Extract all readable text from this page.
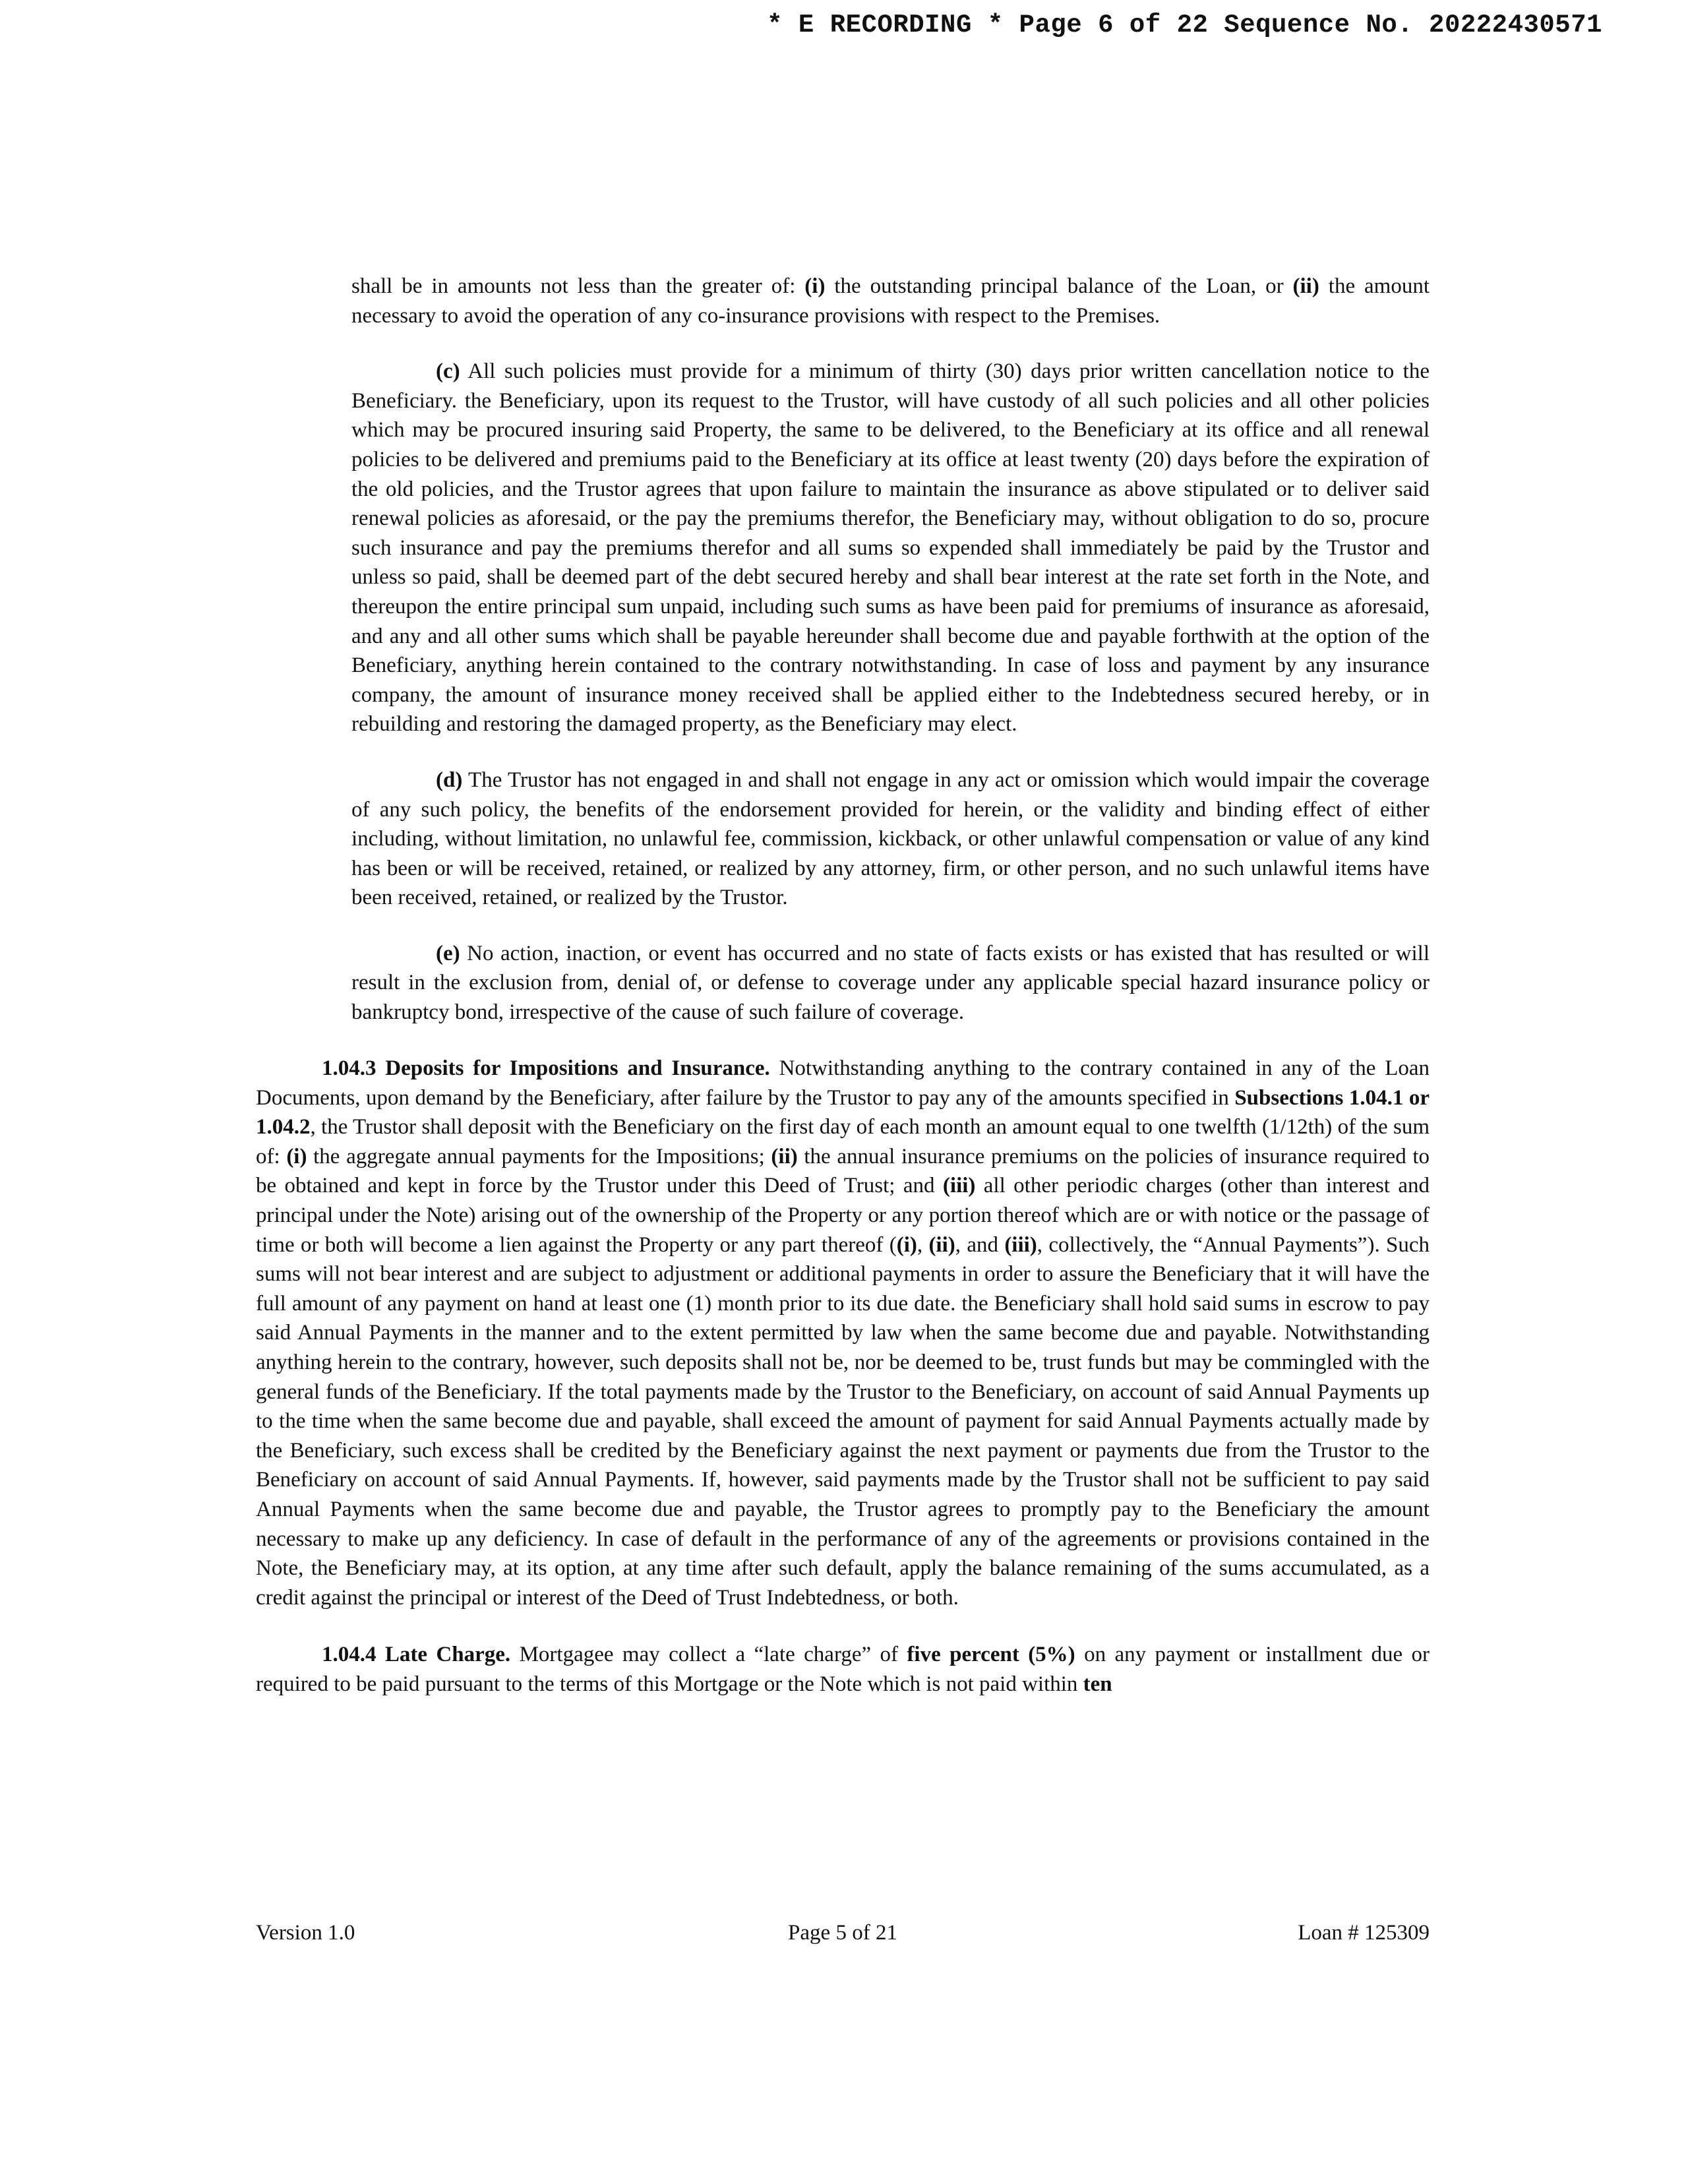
* E RECORDING * Page 6 of 22 Sequence No. 20222430571

shall be in amounts not less than the greater of: (i) the outstanding principal balance of the Loan, or (ii) the amount necessary to avoid the operation of any co-insurance provisions with respect to the Premises.

(c) All such policies must provide for a minimum of thirty (30) days prior written cancellation notice to the Beneficiary. the Beneficiary, upon its request to the Trustor, will have custody of all such policies and all other policies which may be procured insuring said Property, the same to be delivered, to the Beneficiary at its office and all renewal policies to be delivered and premiums paid to the Beneficiary at its office at least twenty (20) days before the expiration of the old policies, and the Trustor agrees that upon failure to maintain the insurance as above stipulated or to deliver said renewal policies as aforesaid, or the pay the premiums therefor, the Beneficiary may, without obligation to do so, procure such insurance and pay the premiums therefor and all sums so expended shall immediately be paid by the Trustor and unless so paid, shall be deemed part of the debt secured hereby and shall bear interest at the rate set forth in the Note, and thereupon the entire principal sum unpaid, including such sums as have been paid for premiums of insurance as aforesaid, and any and all other sums which shall be payable hereunder shall become due and payable forthwith at the option of the Beneficiary, anything herein contained to the contrary notwithstanding. In case of loss and payment by any insurance company, the amount of insurance money received shall be applied either to the Indebtedness secured hereby, or in rebuilding and restoring the damaged property, as the Beneficiary may elect.

(d) The Trustor has not engaged in and shall not engage in any act or omission which would impair the coverage of any such policy, the benefits of the endorsement provided for herein, or the validity and binding effect of either including, without limitation, no unlawful fee, commission, kickback, or other unlawful compensation or value of any kind has been or will be received, retained, or realized by any attorney, firm, or other person, and no such unlawful items have been received, retained, or realized by the Trustor.

(e) No action, inaction, or event has occurred and no state of facts exists or has existed that has resulted or will result in the exclusion from, denial of, or defense to coverage under any applicable special hazard insurance policy or bankruptcy bond, irrespective of the cause of such failure of coverage.

Version 1.0	Page 5 of 21	Loan # 125309

1.04.3 Deposits for Impositions and Insurance. Notwithstanding anything to the contrary contained in any of the Loan Documents, upon demand by the Beneficiary, after failure by the Trustor to pay any of the amounts specified in Subsections 1.04.1 or 1.04.2, the Trustor shall deposit with the Beneficiary on the first day of each month an amount equal to one twelfth (1/12th) of the sum of: (i) the aggregate annual payments for the Impositions; (ii) the annual insurance premiums on the policies of insurance required to be obtained and kept in force by the Trustor under this Deed of Trust; and (iii) all other periodic charges (other than interest and principal under the Note) arising out of the ownership of the Property or any portion thereof which are or with notice or the passage of time or both will become a lien against the Property or any part thereof ((i), (ii), and (iii), collectively, the “Annual Payments”). Such sums will not bear interest and are subject to adjustment or additional payments in order to assure the Beneficiary that it will have the full amount of any payment on hand at least one (1) month prior to its due date. the Beneficiary shall hold said sums in escrow to pay said Annual Payments in the manner and to the extent permitted by law when the same become due and payable. Notwithstanding anything herein to the contrary, however, such deposits shall not be, nor be deemed to be, trust funds but may be commingled with the general funds of the Beneficiary. If the total payments made by the Trustor to the Beneficiary, on account of said Annual Payments up to the time when the same become due and payable, shall exceed the amount of payment for said Annual Payments actually made by the Beneficiary, such excess shall be credited by the Beneficiary against the next payment or payments due from the Trustor to the Beneficiary on account of said Annual Payments. If, however, said payments made by the Trustor shall not be sufficient to pay said Annual Payments when the same become due and payable, the Trustor agrees to promptly pay to the Beneficiary the amount necessary to make up any deficiency. In case of default in the performance of any of the agreements or provisions contained in the Note, the Beneficiary may, at its option, at any time after such default, apply the balance remaining of the sums accumulated, as a credit against the principal or interest of the Deed of Trust Indebtedness, or both.

1.04.4 Late Charge. Mortgagee may collect a “late charge” of five percent (5%) on any payment or installment due or required to be paid pursuant to the terms of this Mortgage or the Note which is not paid within ten
